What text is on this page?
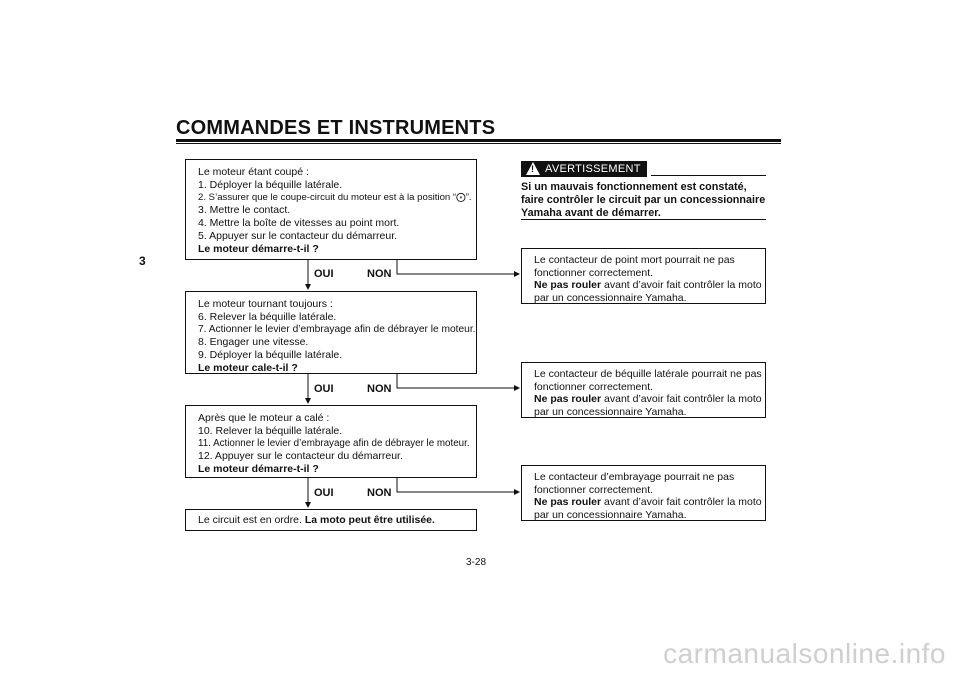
COMMANDES ET INSTRUMENTS
3
Le moteur étant coupé :
1. Déployer la béquille latérale.
2. S’assurer que le coupe-circuit du moteur est à la position “⨀”.
3. Mettre le contact.
4. Mettre la boîte de vitesses au point mort.
5. Appuyer sur le contacteur du démarreur.
Le moteur démarre-t-il ?
OUI	NON
Le moteur tournant toujours :
6. Relever la béquille latérale.
7. Actionner le levier d’embrayage afin de débrayer le moteur.
8. Engager une vitesse.
9. Déployer la béquille latérale.
Le moteur cale-t-il ?
OUI	NON
Après que le moteur a calé :
10. Relever la béquille latérale.
11. Actionner le levier d’embrayage afin de débrayer le moteur.
12. Appuyer sur le contacteur du démarreur.
Le moteur démarre-t-il ?
OUI	NON
Le circuit est en ordre. La moto peut être utilisée.
! AVERTISSEMENT
Si un mauvais fonctionnement est constaté, faire contrôler le circuit par un concessionnaire Yamaha avant de démarrer.
Le contacteur de point mort pourrait ne pas
fonctionner correctement.
Ne pas rouler avant d’avoir fait contrôler la moto
par un concessionnaire Yamaha.
Le contacteur de béquille latérale pourrait ne pas
fonctionner correctement.
Ne pas rouler avant d’avoir fait contrôler la moto
par un concessionnaire Yamaha.
Le contacteur d’embrayage pourrait ne pas
fonctionner correctement.
Ne pas rouler avant d’avoir fait contrôler la moto
par un concessionnaire Yamaha.
3-28
carmanualsonline.info
